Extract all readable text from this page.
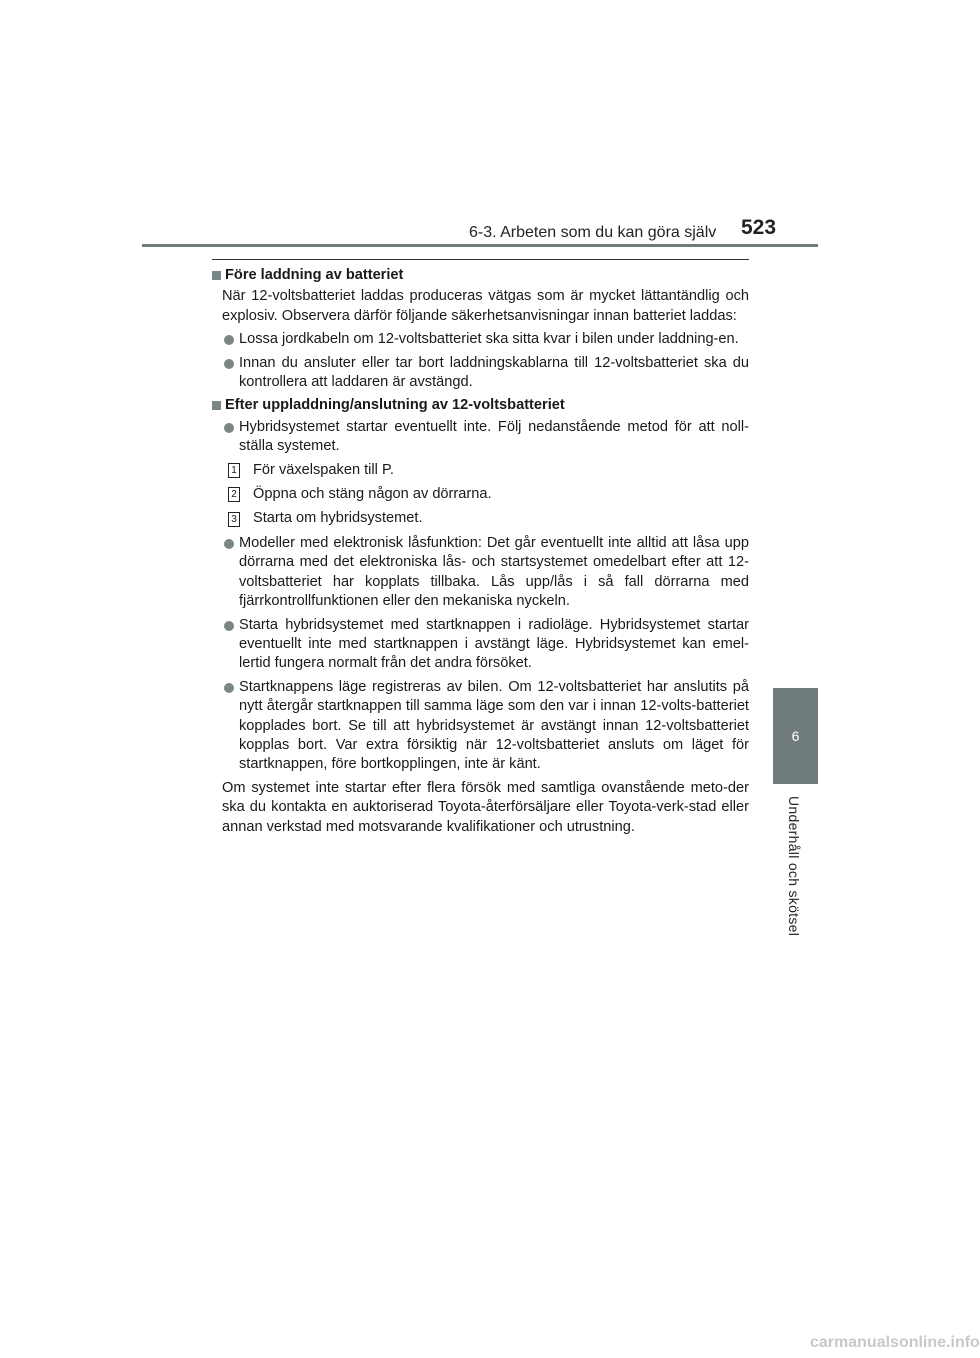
6-3. Arbeten som du kan göra själv 523
6
Underhåll och skötsel
Före laddning av batteriet

När 12-voltsbatteriet laddas produceras vätgas som är mycket lättantändlig och explosiv. Observera därför följande säkerhetsanvisningar innan batteriet laddas:

Lossa jordkabeln om 12-voltsbatteriet ska sitta kvar i bilen under laddning-en.
Innan du ansluter eller tar bort laddningskablarna till 12-voltsbatteriet ska du kontrollera att laddaren är avstängd.
Efter uppladdning/anslutning av 12-voltsbatteriet
Hybridsystemet startar eventuellt inte. Följ nedanstående metod för att noll-ställa systemet.
1 För växelspaken till P.
2 Öppna och stäng någon av dörrarna.
3 Starta om hybridsystemet.
Modeller med elektronisk låsfunktion: Det går eventuellt inte alltid att låsa upp dörrarna med det elektroniska lås- och startsystemet omedelbart efter att 12-voltsbatteriet har kopplats tillbaka. Lås upp/lås i så fall dörrarna med fjärrkontrollfunktionen eller den mekaniska nyckeln.
Starta hybridsystemet med startknappen i radioläge. Hybridsystemet startar eventuellt inte med startknappen i avstängt läge. Hybridsystemet kan emel-lertid fungera normalt från det andra försöket.
Startknappens läge registreras av bilen. Om 12-voltsbatteriet har anslutits på nytt återgår startknappen till samma läge som den var i innan 12-volts-batteriet kopplades bort. Se till att hybridsystemet är avstängt innan 12-voltsbatteriet kopplas bort. Var extra försiktig när 12-voltsbatteriet ansluts om läget för startknappen, före bortkopplingen, inte är känt.

Om systemet inte startar efter flera försök med samtliga ovanstående meto-der ska du kontakta en auktoriserad Toyota-återförsäljare eller Toyota-verk-stad eller annan verkstad med motsvarande kvalifikationer och utrustning.

carmanualsonline.info
